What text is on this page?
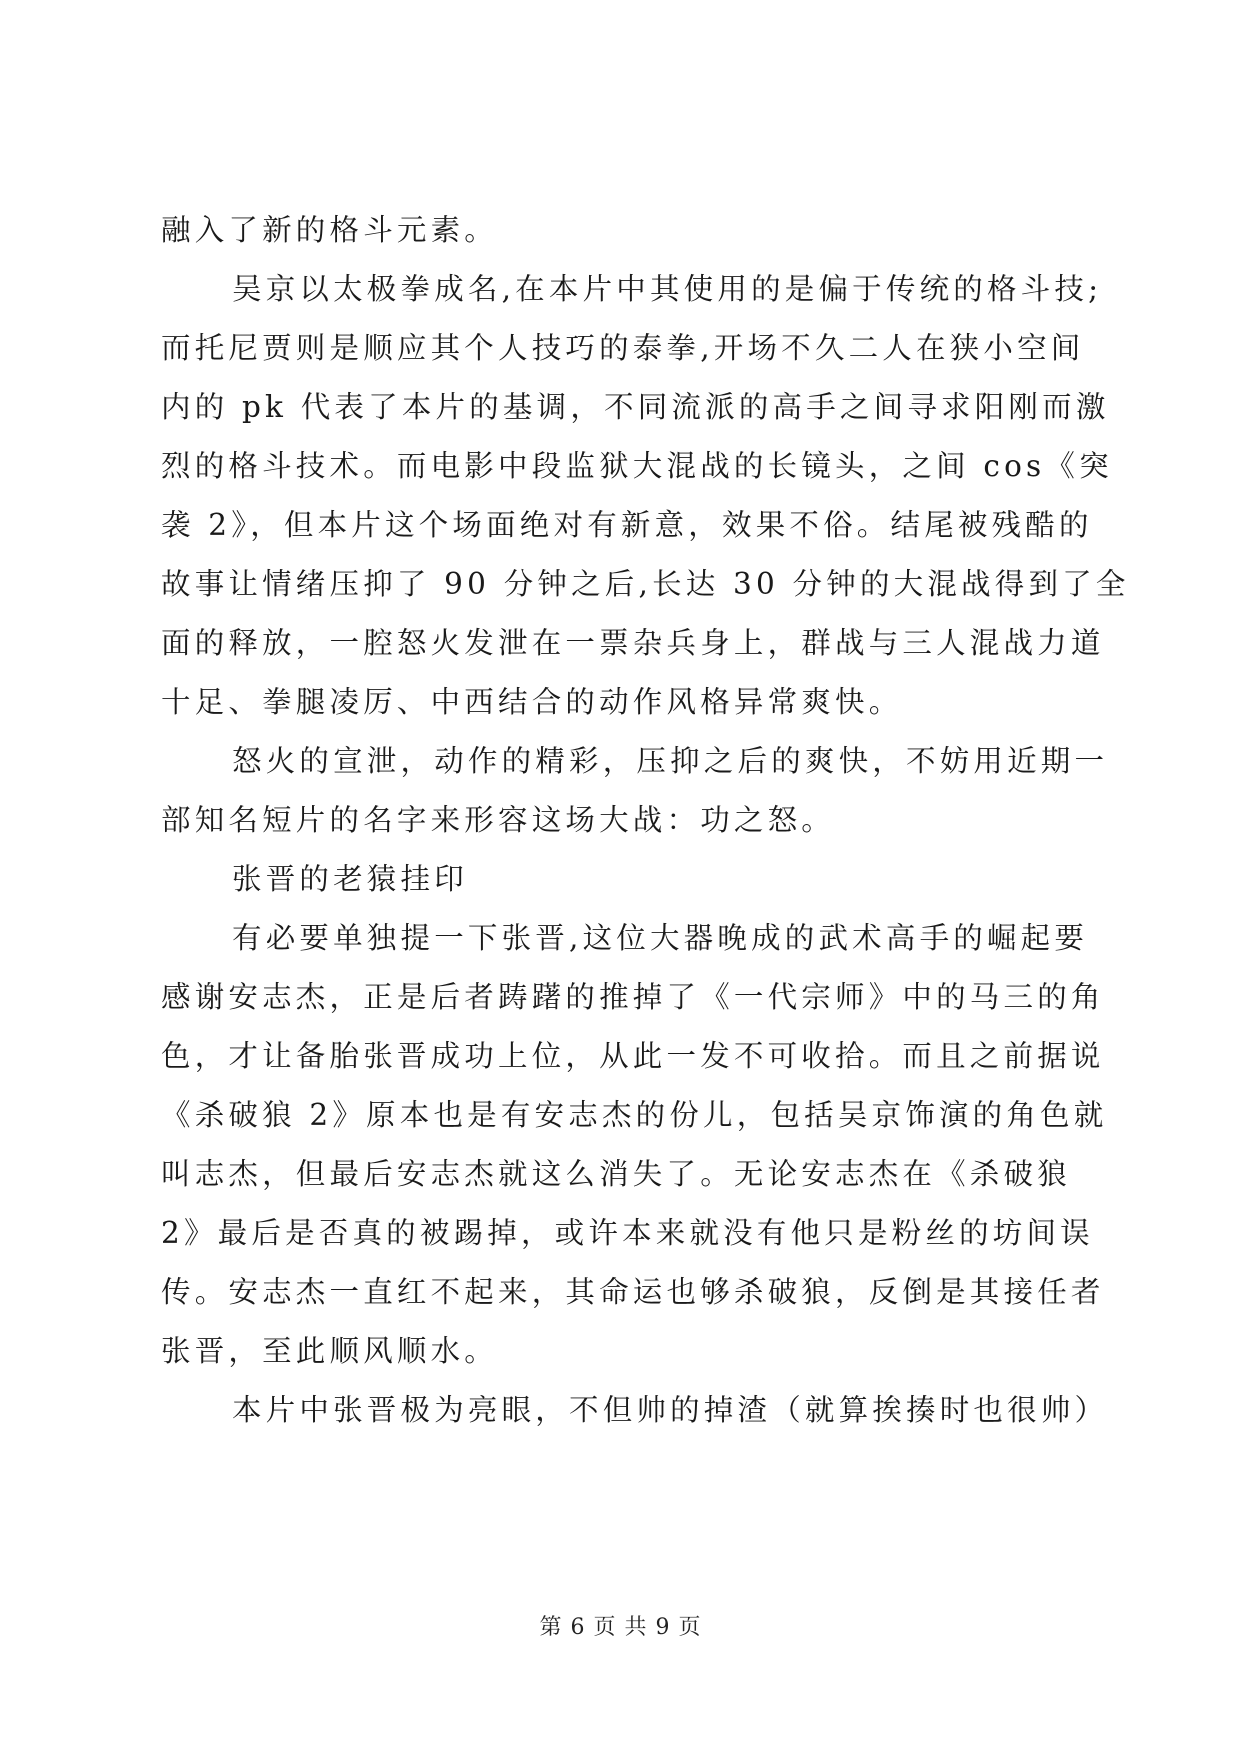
融入了新的格斗元素。
吴京以太极拳成名,在本片中其使用的是偏于传统的格斗技;
而托尼贾则是顺应其个人技巧的泰拳,开场不久二人在狭小空间
内的 pk 代表了本片的基调，不同流派的高手之间寻求阳刚而激
烈的格斗技术。而电影中段监狱大混战的长镜头，之间 cos《突
袭 2》，但本片这个场面绝对有新意，效果不俗。结尾被残酷的
故事让情绪压抑了 90 分钟之后,长达 30 分钟的大混战得到了全
面的释放，一腔怒火发泄在一票杂兵身上，群战与三人混战力道
十足、拳腿凌厉、中西结合的动作风格异常爽快。
怒火的宣泄，动作的精彩，压抑之后的爽快，不妨用近期一
部知名短片的名字来形容这场大战：功之怒。
张晋的老猿挂印
有必要单独提一下张晋,这位大器晚成的武术高手的崛起要
感谢安志杰，正是后者踌躇的推掉了《一代宗师》中的马三的角
色，才让备胎张晋成功上位，从此一发不可收拾。而且之前据说
《杀破狼 2》原本也是有安志杰的份儿，包括吴京饰演的角色就
叫志杰，但最后安志杰就这么消失了。无论安志杰在《杀破狼
2》最后是否真的被踢掉，或许本来就没有他只是粉丝的坊间误
传。安志杰一直红不起来，其命运也够杀破狼，反倒是其接任者
张晋，至此顺风顺水。
本片中张晋极为亮眼，不但帅的掉渣（就算挨揍时也很帅）
第 6 页 共 9 页
